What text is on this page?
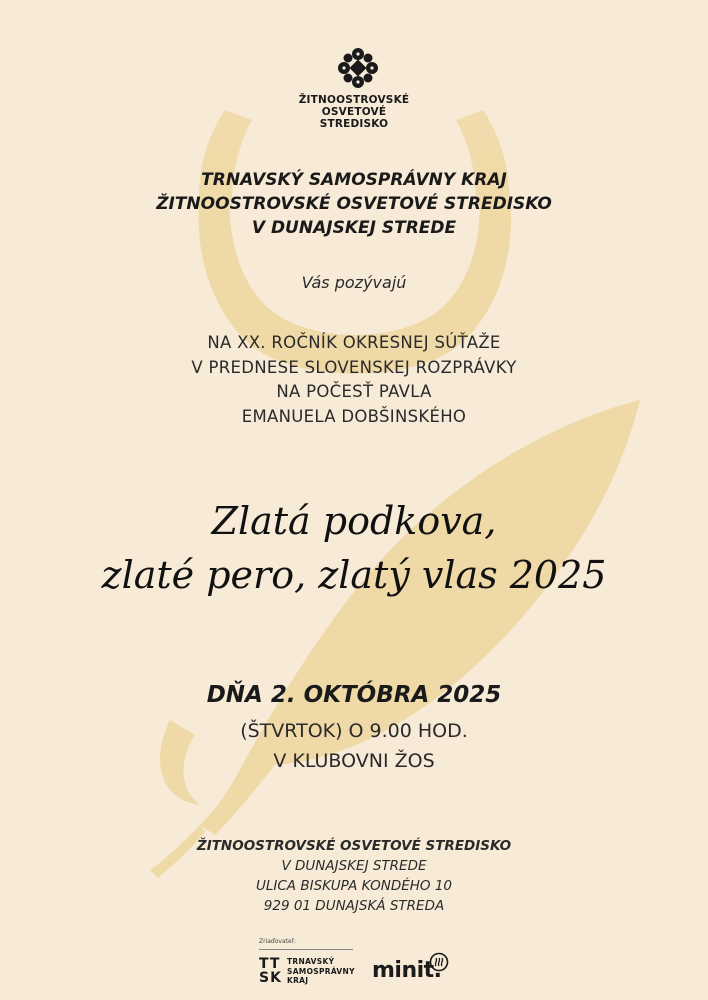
ŽITNOOSTROVSKÉ
OSVETOVÉ
STREDISKO
TRNAVSKÝ SAMOSPRÁVNY KRAJ
ŽITNOOSTROVSKÉ OSVETOVÉ STREDISKO
V DUNAJSKEJ STREDE
Vás pozývajú
NA XX. ROČNÍK OKRESNEJ SÚŤAŽE
V PREDNESE SLOVENSKEJ ROZPRÁVKY
NA POČESŤ PAVLA
EMANUELA DOBŠINSKÉHO
Zlatá podkova,
zlaté pero, zlatý vlas 2025
DŇA 2. OKTÓBRA 2025
(ŠTVRTOK) O 9.00 HOD.
V KLUBOVNI ŽOS
ŽITNOOSTROVSKÉ OSVETOVÉ STREDISKO
V DUNAJSKEJ STREDE
ULICA BISKUPA KONDÉHO 10
929 01 DUNAJSKÁ STREDA
Zriaďovateľ:
TT
SK
TRNAVSKÝ
SAMOSPRÁVNY
KRAJ	minit.
